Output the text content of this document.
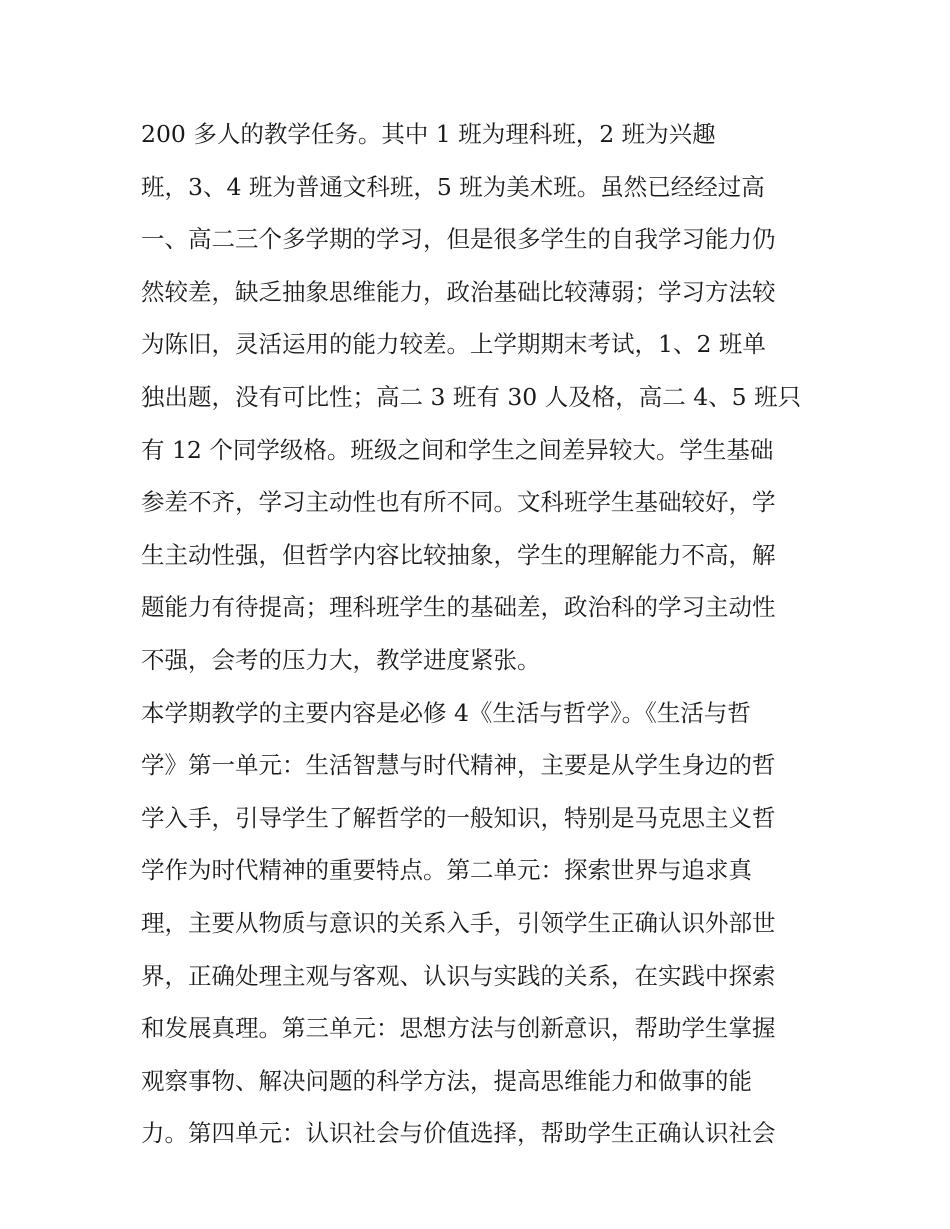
200 多人的教学任务。其中 1 班为理科班，2 班为兴趣
班，3、4 班为普通文科班，5 班为美术班。虽然已经经过高
一、高二三个多学期的学习，但是很多学生的自我学习能力仍
然较差，缺乏抽象思维能力，政治基础比较薄弱；学习方法较
为陈旧，灵活运用的能力较差。上学期期末考试，1、2 班单
独出题，没有可比性；高二 3 班有 30 人及格，高二 4、5 班只
有 12 个同学级格。班级之间和学生之间差异较大。学生基础
参差不齐，学习主动性也有所不同。文科班学生基础较好，学
生主动性强，但哲学内容比较抽象，学生的理解能力不高，解
题能力有待提高；理科班学生的基础差，政治科的学习主动性
不强，会考的压力大，教学进度紧张。
本学期教学的主要内容是必修 4《生活与哲学》。《生活与哲
学》第一单元：生活智慧与时代精神，主要是从学生身边的哲
学入手，引导学生了解哲学的一般知识，特别是马克思主义哲
学作为时代精神的重要特点。第二单元：探索世界与追求真
理，主要从物质与意识的关系入手，引领学生正确认识外部世
界，正确处理主观与客观、认识与实践的关系，在实践中探索
和发展真理。第三单元：思想方法与创新意识，帮助学生掌握
观察事物、解决问题的科学方法，提高思维能力和做事的能
力。第四单元：认识社会与价值选择，帮助学生正确认识社会
